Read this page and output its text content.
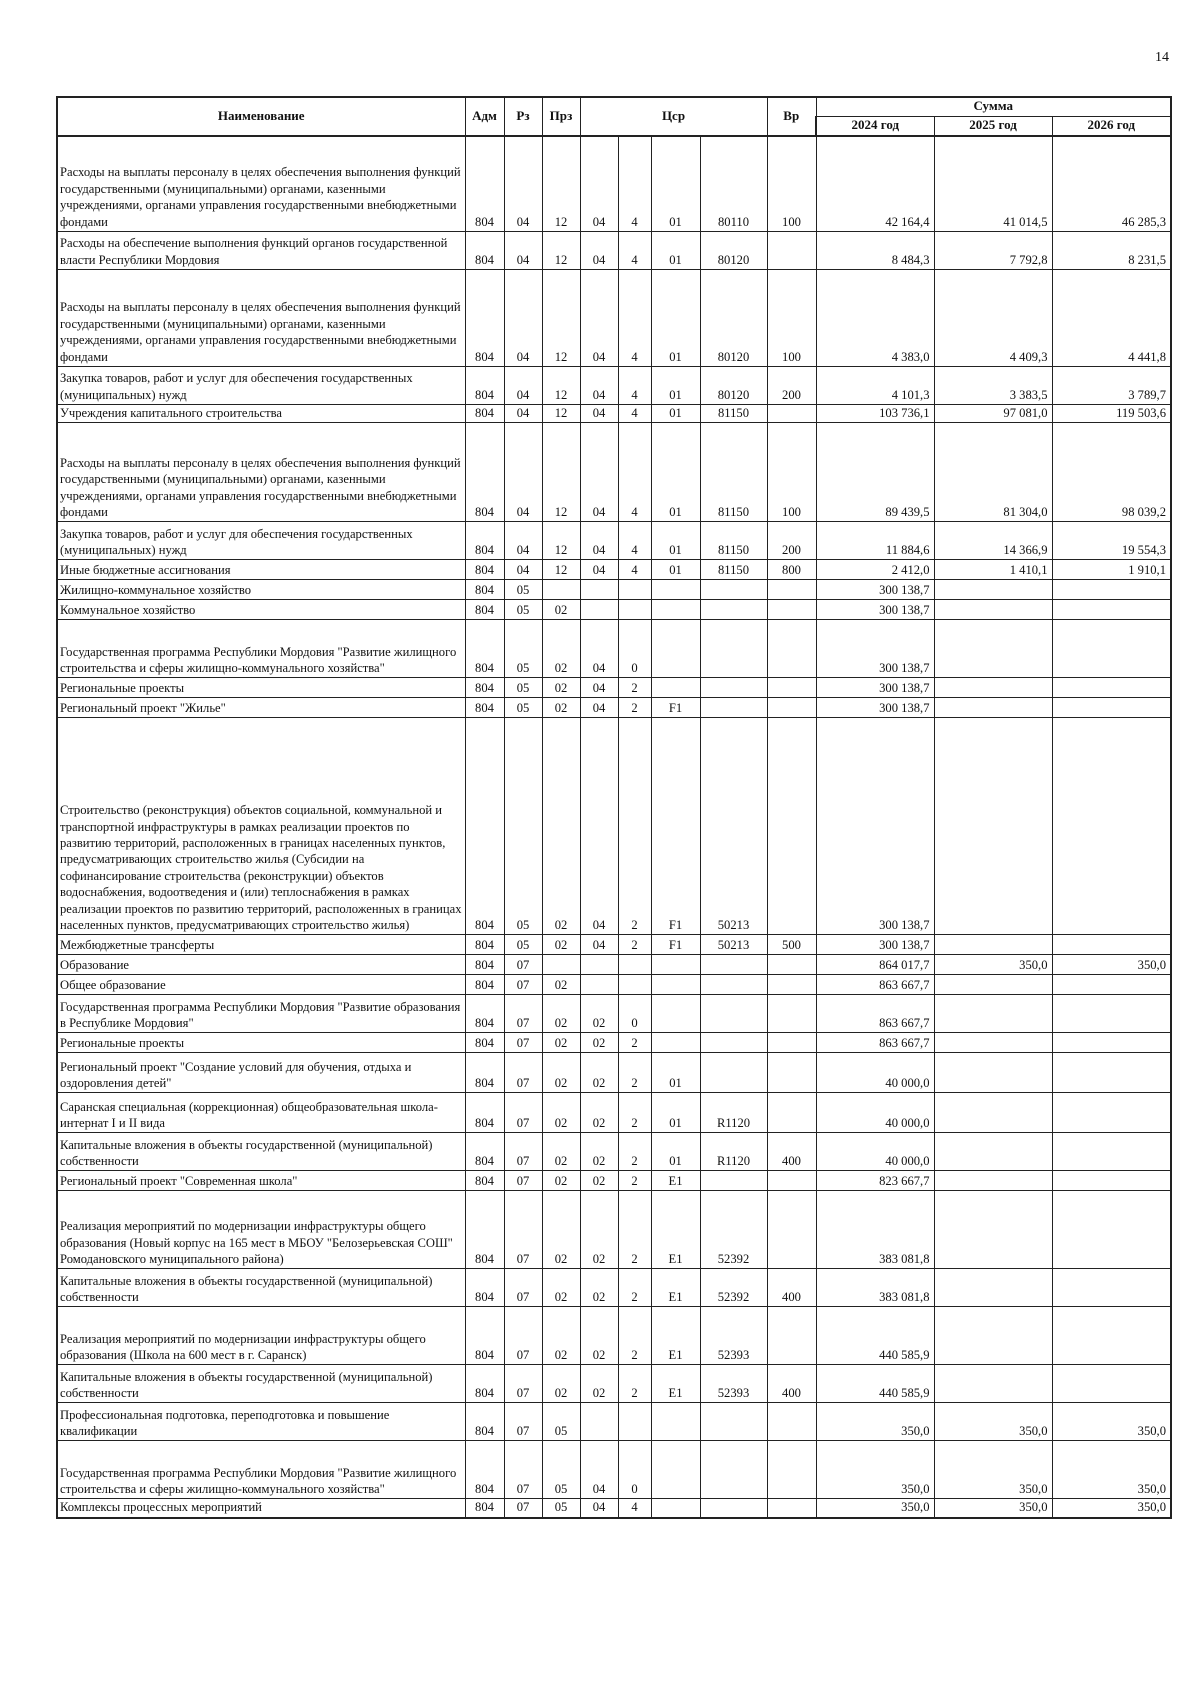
14
Наименование	Адм	Рз	Прз	Цср				Вр	Сумма		
									2024 год	2025 год	2026 год
Расходы на выплаты персоналу в целях обеспечения выполнения функций государственными (муниципальными) органами, казенными учреждениями, органами управления государственными внебюджетными фондами	804	04	12	04	4	01	80110	100	42 164,4	41 014,5	46 285,3
Расходы на обеспечение выполнения функций органов государственной власти Республики Мордовия	804	04	12	04	4	01	80120		8 484,3	7 792,8	8 231,5
Расходы на выплаты персоналу в целях обеспечения выполнения функций государственными (муниципальными) органами, казенными учреждениями, органами управления государственными внебюджетными фондами	804	04	12	04	4	01	80120	100	4 383,0	4 409,3	4 441,8
Закупка товаров, работ и услуг для обеспечения государственных (муниципальных) нужд	804	04	12	04	4	01	80120	200	4 101,3	3 383,5	3 789,7
Учреждения капитального строительства	804	04	12	04	4	01	81150		103 736,1	97 081,0	119 503,6
Расходы на выплаты персоналу в целях обеспечения выполнения функций государственными (муниципальными) органами, казенными учреждениями, органами управления государственными внебюджетными фондами	804	04	12	04	4	01	81150	100	89 439,5	81 304,0	98 039,2
Закупка товаров, работ и услуг для обеспечения государственных (муниципальных) нужд	804	04	12	04	4	01	81150	200	11 884,6	14 366,9	19 554,3
Иные бюджетные ассигнования	804	04	12	04	4	01	81150	800	2 412,0	1 410,1	1 910,1
Жилищно-коммунальное хозяйство	804	05							300 138,7		
Коммунальное хозяйство	804	05	02						300 138,7		
Государственная программа Республики Мордовия "Развитие жилищного строительства и сферы жилищно-коммунального хозяйства"	804	05	02	04	0				300 138,7		
Региональные проекты	804	05	02	04	2				300 138,7		
Региональный проект "Жилье"	804	05	02	04	2	F1			300 138,7		
Строительство (реконструкция) объектов социальной, коммунальной и транспортной инфраструктуры в рамках реализации проектов по развитию территорий, расположенных в границах населенных пунктов, предусматривающих строительство жилья (Субсидии на софинансирование строительства (реконструкции) объектов водоснабжения, водоотведения и (или) теплоснабжения в рамках реализации проектов по развитию территорий, расположенных в границах населенных пунктов, предусматривающих строительство жилья)	804	05	02	04	2	F1	50213		300 138,7		
Межбюджетные трансферты	804	05	02	04	2	F1	50213	500	300 138,7		
Образование	804	07							864 017,7	350,0	350,0
Общее образование	804	07	02						863 667,7		
Государственная программа Республики Мордовия "Развитие образования в Республике Мордовия"	804	07	02	02	0				863 667,7		
Региональные проекты	804	07	02	02	2				863 667,7		
Региональный проект "Создание условий для обучения, отдыха и оздоровления детей"	804	07	02	02	2	01			40 000,0		
Саранская специальная (коррекционная) общеобразовательная школа-интернат I и II вида	804	07	02	02	2	01	R1120		40 000,0		
Капитальные вложения в объекты государственной (муниципальной) собственности	804	07	02	02	2	01	R1120	400	40 000,0		
Региональный проект "Современная школа"	804	07	02	02	2	E1			823 667,7		
Реализация мероприятий по модернизации инфраструктуры общего образования (Новый корпус на 165 мест в МБОУ "Белозерьевская СОШ" Ромодановского муниципального района)	804	07	02	02	2	E1	52392		383 081,8		
Капитальные вложения в объекты государственной (муниципальной) собственности	804	07	02	02	2	E1	52392	400	383 081,8		
Реализация мероприятий по модернизации инфраструктуры общего образования (Школа на 600 мест в г. Саранск)	804	07	02	02	2	E1	52393		440 585,9		
Капитальные вложения в объекты государственной (муниципальной) собственности	804	07	02	02	2	E1	52393	400	440 585,9		
Профессиональная подготовка, переподготовка и повышение квалификации	804	07	05						350,0	350,0	350,0
Государственная программа Республики Мордовия "Развитие жилищного строительства и сферы жилищно-коммунального хозяйства"	804	07	05	04	0				350,0	350,0	350,0
Комплексы процессных мероприятий	804	07	05	04	4				350,0	350,0	350,0
